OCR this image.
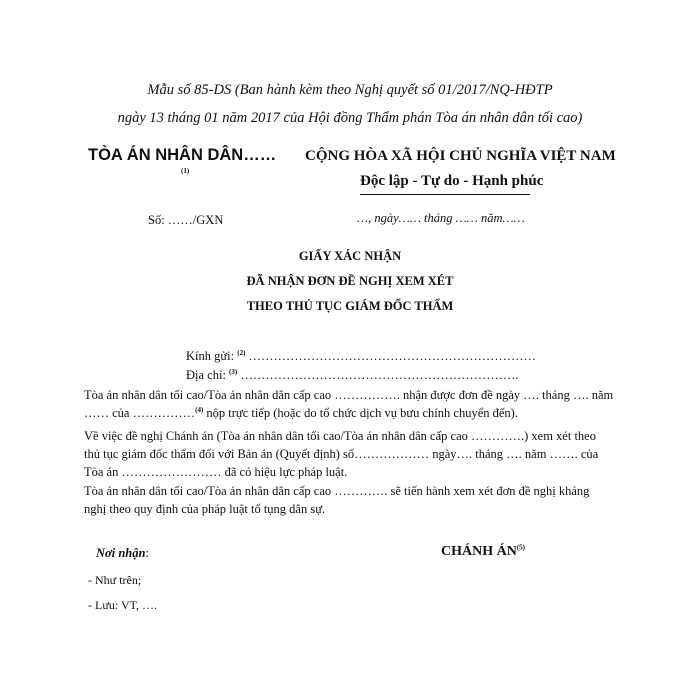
Mẫu số 85-DS (Ban hành kèm theo Nghị quyết số 01/2017/NQ-HĐTP
ngày 13 tháng 01 năm 2017 của Hội đồng Thẩm phán Tòa án nhân dân tối cao)
TÒA ÁN NHÂN DÂN……
(1)
CỘNG HÒA XÃ HỘI CHỦ NGHĨA VIỆT NAM
Độc lập - Tự do - Hạnh phúc
Số: ……/GXN	…, ngày…… tháng …… năm……
GIẤY XÁC NHẬN
ĐÃ NHẬN ĐƠN ĐỀ NGHỊ XEM XÉT
THEO THỦ TỤC GIÁM ĐỐC THẨM
Kính gửi: $^{(2)}$ ……………………………………………………………
Địa chỉ: $^{(3)}$ ………………………………………………………….
Tòa án nhân dân tối cao/Tòa án nhân dân cấp cao ……………. nhận được đơn đề ngày …. tháng …. năm …… của ……………$^{(4)}$ nộp trực tiếp (hoặc do tổ chức dịch vụ bưu chính chuyển đến).
Về việc đề nghị Chánh án (Tòa án nhân dân tối cao/Tòa án nhân dân cấp cao ………….) xem xét theo thủ tục giám đốc thẩm đối với Bản án (Quyết định) số……………… ngày…. tháng …. năm ……. của Tòa án …………………… đã có hiệu lực pháp luật.
Tòa án nhân dân tối cao/Tòa án nhân dân cấp cao …………. sẽ tiến hành xem xét đơn đề nghị kháng nghị theo quy định của pháp luật tố tụng dân sự.
Nơi nhận:	CHÁNH ÁN$^{(5)}$
- Như trên;
- Lưu: VT, ….
